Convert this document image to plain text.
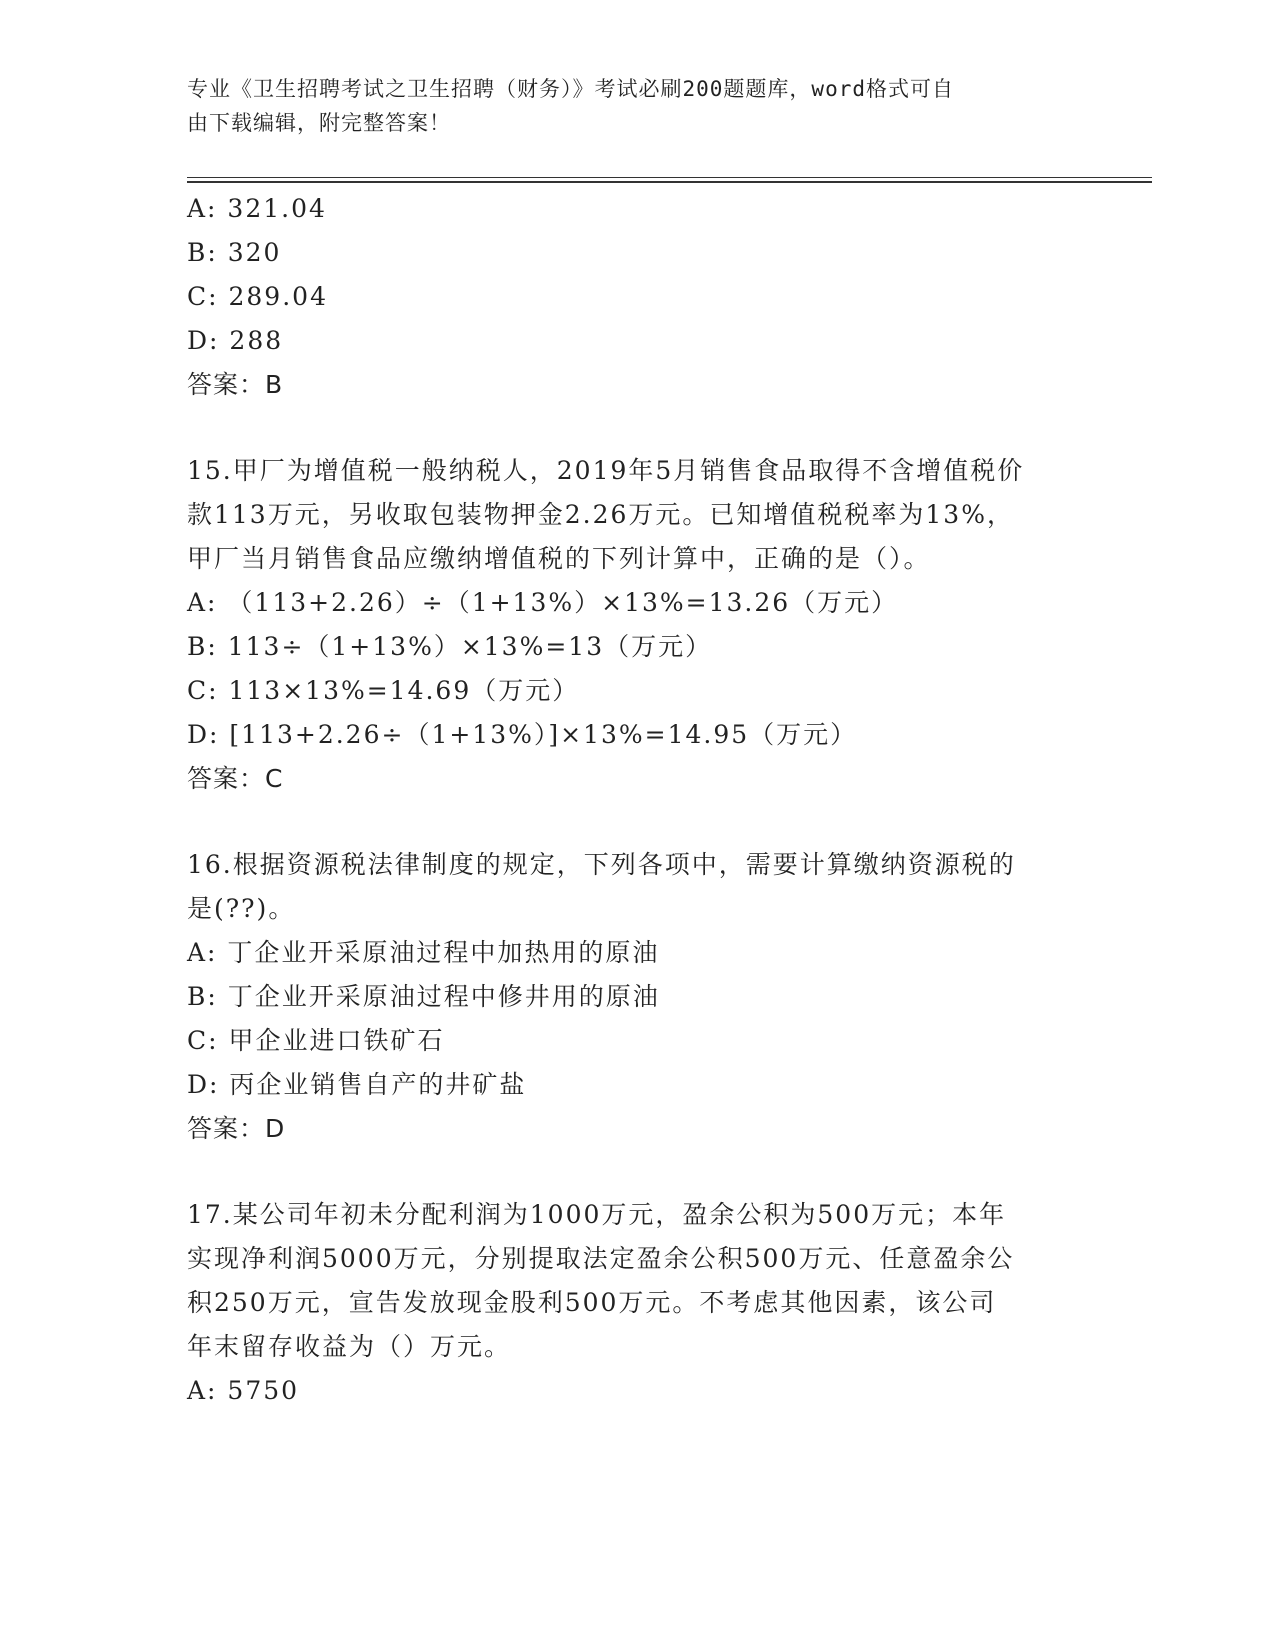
专业《卫生招聘考试之卫生招聘（财务）》考试必刷200题题库，word格式可自
由下载编辑，附完整答案！
A: 321.04
B: 320
C: 289.04
D: 288
答案：B
15.甲厂为增值税一般纳税人，2019年5月销售食品取得不含增值税价
款113万元，另收取包装物押金2.26万元。已知增值税税率为13%，
甲厂当月销售食品应缴纳增值税的下列计算中，正确的是（）。
A: （113+2.26）÷（1+13%）×13%=13.26（万元）
B: 113÷（1+13%）×13%=13（万元）
C: 113×13%=14.69（万元）
D: [113+2.26÷（1+13%）]×13%=14.95（万元）
答案：C
16.根据资源税法律制度的规定，下列各项中，需要计算缴纳资源税的
是(??)。
A: 丁企业开采原油过程中加热用的原油
B: 丁企业开采原油过程中修井用的原油
C: 甲企业进口铁矿石
D: 丙企业销售自产的井矿盐
答案：D
17.某公司年初未分配利润为1000万元，盈余公积为500万元；本年
实现净利润5000万元，分别提取法定盈余公积500万元、任意盈余公
积250万元，宣告发放现金股利500万元。不考虑其他因素，该公司
年末留存收益为（）万元。
A: 5750
